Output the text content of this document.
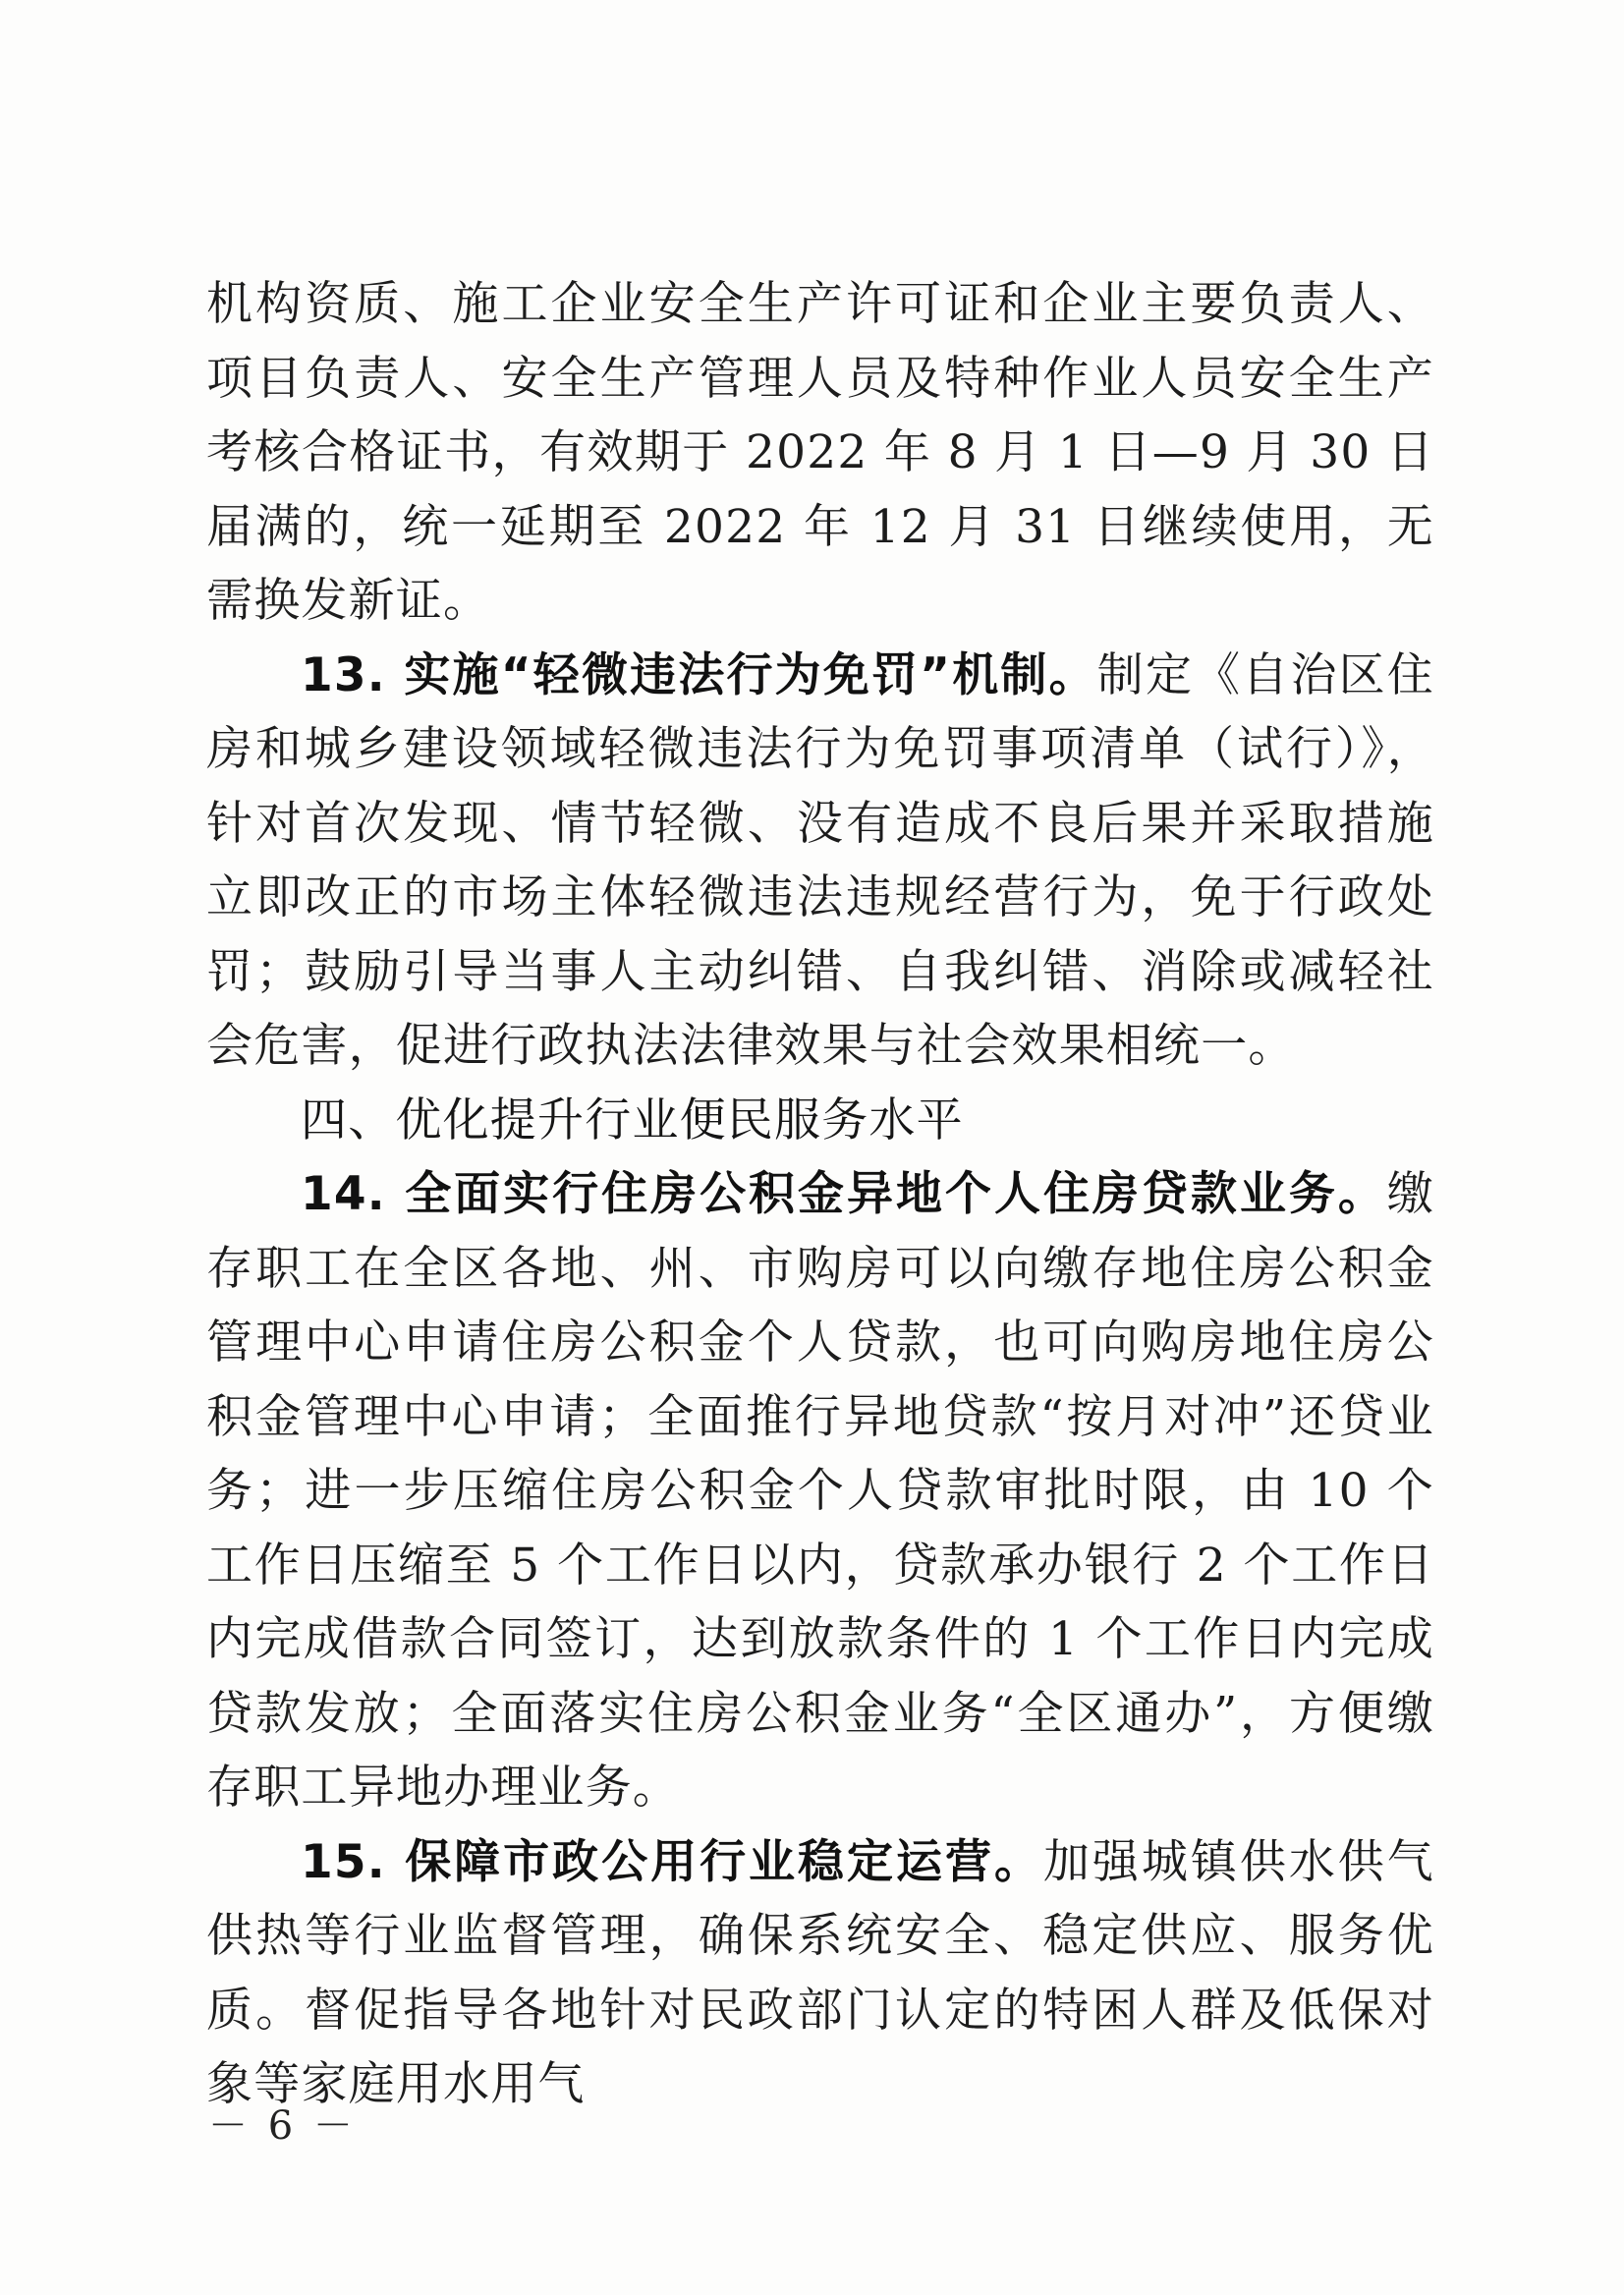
机构资质、施工企业安全生产许可证和企业主要负责人、项目负责人、安全生产管理人员及特种作业人员安全生产考核合格证书，有效期于 2022 年 8 月 1 日—9 月 30 日届满的，统一延期至 2022 年 12 月 31 日继续使用，无需换发新证。

13. 实施“轻微违法行为免罚”机制。制定《自治区住房和城乡建设领域轻微违法行为免罚事项清单（试行）》，针对首次发现、情节轻微、没有造成不良后果并采取措施立即改正的市场主体轻微违法违规经营行为，免于行政处罚；鼓励引导当事人主动纠错、自我纠错、消除或减轻社会危害，促进行政执法法律效果与社会效果相统一。

四、优化提升行业便民服务水平

14. 全面实行住房公积金异地个人住房贷款业务。缴存职工在全区各地、州、市购房可以向缴存地住房公积金管理中心申请住房公积金个人贷款，也可向购房地住房公积金管理中心申请；全面推行异地贷款“按月对冲”还贷业务；进一步压缩住房公积金个人贷款审批时限，由 10 个工作日压缩至 5 个工作日以内，贷款承办银行 2 个工作日内完成借款合同签订，达到放款条件的 1 个工作日内完成贷款发放；全面落实住房公积金业务“全区通办”，方便缴存职工异地办理业务。

15. 保障市政公用行业稳定运营。加强城镇供水供气供热等行业监督管理，确保系统安全、稳定供应、服务优质。督促指导各地针对民政部门认定的特困人群及低保对象等家庭用水用气

－ 6 －
